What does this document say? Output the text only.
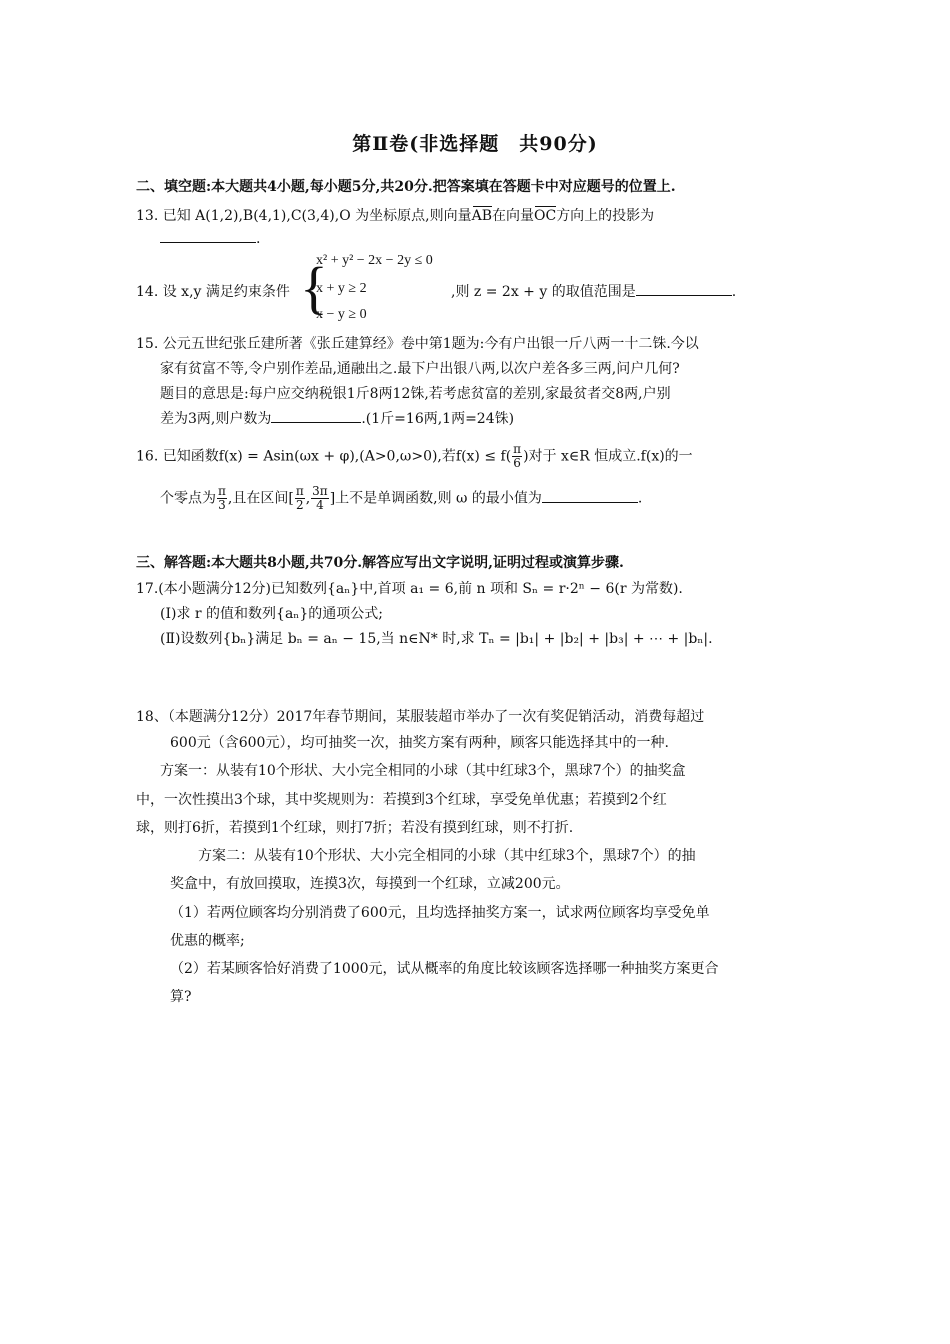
第Ⅱ卷(非选择题　共90分)
二、填空题:本大题共4小题,每小题5分,共20分.把答案填在答题卡中对应题号的位置上.
13. 已知 A(1,2),B(4,1),C(3,4),O 为坐标原点,则向量AB在向量OC方向上的投影为
.
14. 设 x,y 满足约束条件 {
x² + y² − 2x − 2y ≤ 0
x + y ≥ 2
x − y ≥ 0
,则 z = 2x + y 的取值范围是	.
15. 公元五世纪张丘建所著《张丘建算经》卷中第1题为:今有户出银一斤八两一十二铢.今以
家有贫富不等,令户别作差品,通融出之.最下户出银八两,以次户差各多三两,问户几何?
题目的意思是:每户应交纳税银1斤8两12铢,若考虑贫富的差别,家最贫者交8两,户别
差为3两,则户数为	.(1斤=16两,1两=24铢)
16. 已知函数f(x) = Asin(ωx + φ),(A>0,ω>0),若$f(x) \le f( \frac{\pi}{6}$ )对于 x∈R 恒成立.f(x)的一
个零点为 $\frac{\pi}{3}$ ,且在区间[ $\frac{\pi}{2}$ , $\frac{3\pi}{4}$ ]上不是单调函数,则 ω 的最小值为	.
三、解答题:本大题共8小题,共70分.解答应写出文字说明,证明过程或演算步骤.
17.(本小题满分12分)已知数列{aₙ}中,首项 a₁ = 6,前 n 项和 Sₙ = r·2ⁿ − 6(r 为常数).
(Ⅰ)求 r 的值和数列{aₙ}的通项公式;
(Ⅱ)设数列{bₙ}满足 bₙ = aₙ − 15,当 n∈N* 时,求 Tₙ = |b₁| + |b₂| + |b₃| + ⋯ + |bₙ|.
18、（本题满分12分）2017年春节期间，某服装超市举办了一次有奖促销活动，消费每超过
600元（含600元），均可抽奖一次，抽奖方案有两种，顾客只能选择其中的一种.
方案一：从装有10个形状、大小完全相同的小球（其中红球3个，黑球7个）的抽奖盒
中，一次性摸出3个球，其中奖规则为：若摸到3个红球，享受免单优惠；若摸到2个红
球，则打6折，若摸到1个红球，则打7折；若没有摸到红球，则不打折.
方案二：从装有10个形状、大小完全相同的小球（其中红球3个，黑球7个）的抽
奖盒中，有放回摸取，连摸3次，每摸到一个红球，立减200元。
（1）若两位顾客均分别消费了600元，且均选择抽奖方案一，试求两位顾客均享受免单
优惠的概率;
（2）若某顾客恰好消费了1000元，试从概率的角度比较该顾客选择哪一种抽奖方案更合
算?
